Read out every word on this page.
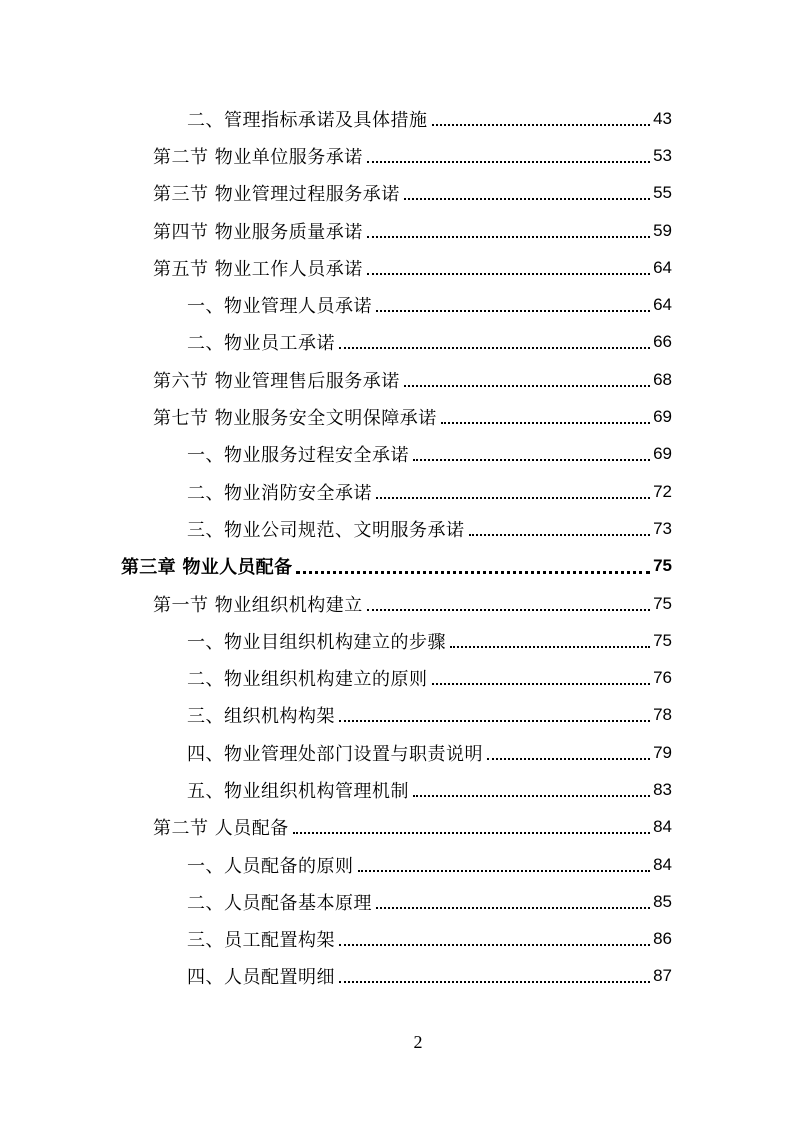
二、管理指标承诺及具体措施	43
第二节 物业单位服务承诺	53
第三节 物业管理过程服务承诺	55
第四节 物业服务质量承诺	59
第五节 物业工作人员承诺	64
一、物业管理人员承诺	64
二、物业员工承诺	66
第六节 物业管理售后服务承诺	68
第七节 物业服务安全文明保障承诺	69
一、物业服务过程安全承诺	69
二、物业消防安全承诺	72
三、物业公司规范、文明服务承诺	73
第三章 物业人员配备	75
第一节 物业组织机构建立	75
一、物业目组织机构建立的步骤	75
二、物业组织机构建立的原则	76
三、组织机构构架	78
四、物业管理处部门设置与职责说明	79
五、物业组织机构管理机制	83
第二节 人员配备	84
一、人员配备的原则	84
二、人员配备基本原理	85
三、员工配置构架	86
四、人员配置明细	87
2
